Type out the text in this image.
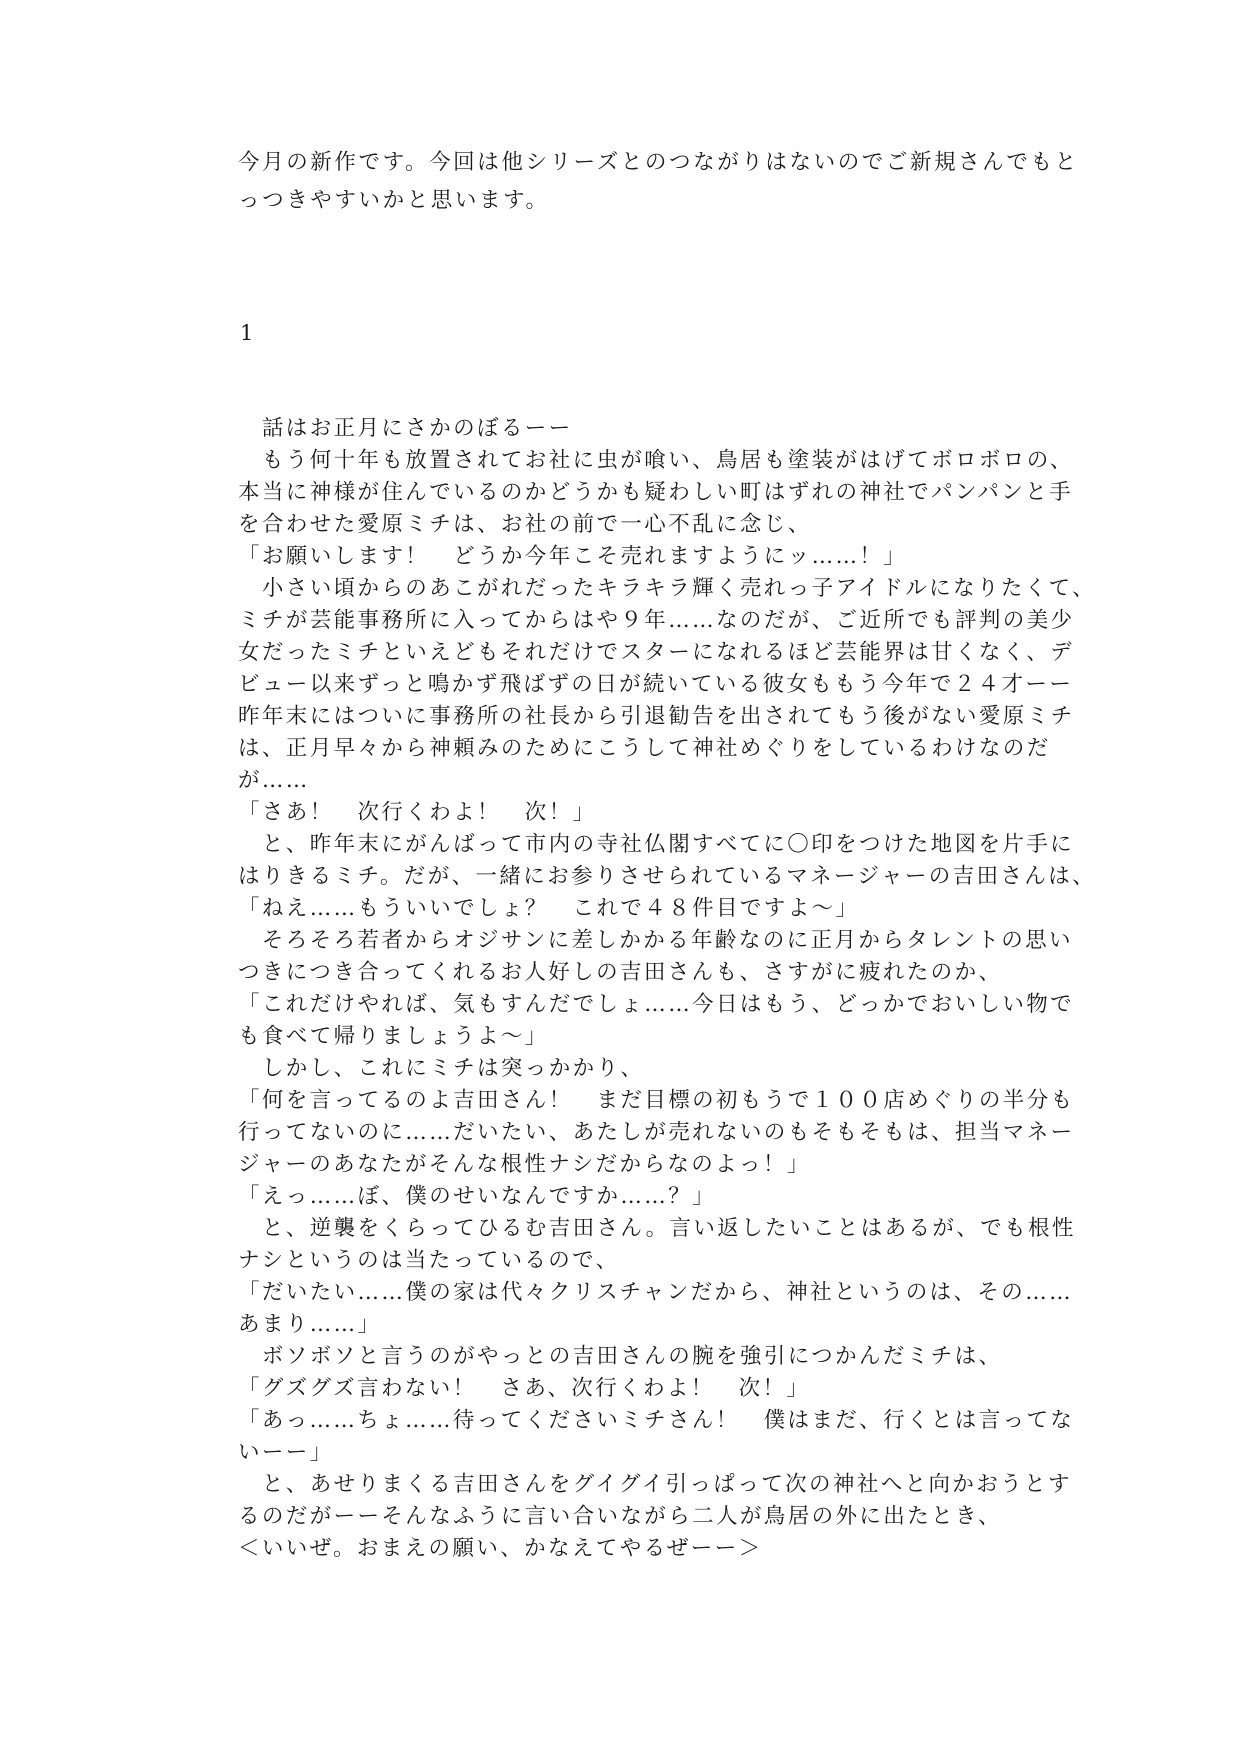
今月の新作です。今回は他シリーズとのつながりはないのでご新規さんでもと
っつきやすいかと思います。
1
　話はお正月にさかのぼるーー
　もう何十年も放置されてお社に虫が喰い、鳥居も塗装がはげてボロボロの、
本当に神様が住んでいるのかどうかも疑わしい町はずれの神社でパンパンと手
を合わせた愛原ミチは、お社の前で一心不乱に念じ、
「お願いします！　どうか今年こそ売れますようにッ……！」
　小さい頃からのあこがれだったキラキラ輝く売れっ子アイドルになりたくて、
ミチが芸能事務所に入ってからはや９年……なのだが、ご近所でも評判の美少
女だったミチといえどもそれだけでスターになれるほど芸能界は甘くなく、デ
ビュー以来ずっと鳴かず飛ばずの日が続いている彼女ももう今年で２４才ーー
昨年末にはついに事務所の社長から引退勧告を出されてもう後がない愛原ミチ
は、正月早々から神頼みのためにこうして神社めぐりをしているわけなのだ
が……
「さあ！　次行くわよ！　次！」
　と、昨年末にがんばって市内の寺社仏閣すべてに〇印をつけた地図を片手に
はりきるミチ。だが、一緒にお参りさせられているマネージャーの吉田さんは、
「ねえ……もういいでしょ？　これで４８件目ですよ～」
　そろそろ若者からオジサンに差しかかる年齢なのに正月からタレントの思い
つきにつき合ってくれるお人好しの吉田さんも、さすがに疲れたのか、
「これだけやれば、気もすんだでしょ……今日はもう、どっかでおいしい物で
も食べて帰りましょうよ～」
　しかし、これにミチは突っかかり、
「何を言ってるのよ吉田さん！　まだ目標の初もうで１００店めぐりの半分も
行ってないのに……だいたい、あたしが売れないのもそもそもは、担当マネー
ジャーのあなたがそんな根性ナシだからなのよっ！」
「えっ……ぼ、僕のせいなんですか……？」
　と、逆襲をくらってひるむ吉田さん。言い返したいことはあるが、でも根性
ナシというのは当たっているので、
「だいたい……僕の家は代々クリスチャンだから、神社というのは、その……
あまり……」
　ボソボソと言うのがやっとの吉田さんの腕を強引につかんだミチは、
「グズグズ言わない！　さあ、次行くわよ！　次！」
「あっ……ちょ……待ってくださいミチさん！　僕はまだ、行くとは言ってな
いーー」
　と、あせりまくる吉田さんをグイグイ引っぱって次の神社へと向かおうとす
るのだがーーそんなふうに言い合いながら二人が鳥居の外に出たとき、
＜いいぜ。おまえの願い、かなえてやるぜーー＞
